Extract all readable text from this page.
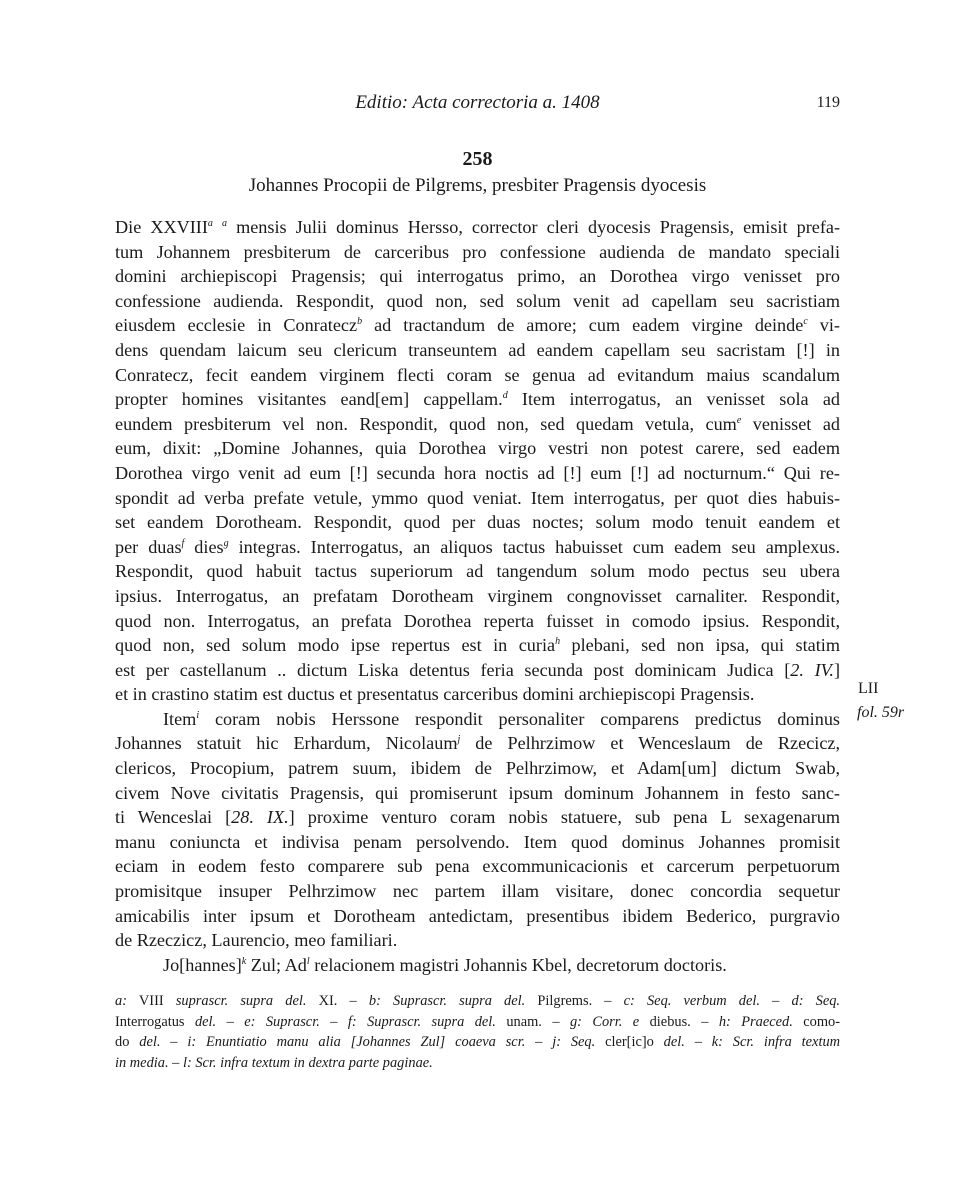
Editio: Acta correctoria a. 1408	119
258
Johannes Procopii de Pilgrems, presbiter Pragensis dyocesis
Die XXVIII$^a$ $^a$ mensis Julii dominus Hersso, corrector cleri dyocesis Pragensis, emisit prefa-
tum Johannem presbiterum de carceribus pro confessione audienda de mandato speciali
domini archiepiscopi Pragensis; qui interrogatus primo, an Dorothea virgo venisset pro
confessione audienda. Respondit, quod non, sed solum venit ad capellam seu sacristiam
eiusdem ecclesie in Conratecz$^b$ ad tractandum de amore; cum eadem virgine deinde$^c$ vi-
dens quendam laicum seu clericum transeuntem ad eandem capellam seu sacristam [!] in
Conratecz, fecit eandem virginem flecti coram se genua ad evitandum maius scandalum
propter homines visitantes eand[em] cappellam.$^d$ Item interrogatus, an venisset sola ad
eundem presbiterum vel non. Respondit, quod non, sed quedam vetula, cum$^e$ venisset ad
eum, dixit: „Domine Johannes, quia Dorothea virgo vestri non potest carere, sed eadem
Dorothea virgo venit ad eum [!] secunda hora noctis ad [!] eum [!] ad nocturnum.“ Qui re-
spondit ad verba prefate vetule, ymmo quod veniat. Item interrogatus, per quot dies habuis-
set eandem Dorotheam. Respondit, quod per duas noctes; solum modo tenuit eandem et
per duas$^f$ dies$^g$ integras. Interrogatus, an aliquos tactus habuisset cum eadem seu amplexus.
Respondit, quod habuit tactus superiorum ad tangendum solum modo pectus seu ubera
ipsius. Interrogatus, an prefatam Dorotheam virginem congnovisset carnaliter. Respondit,
quod non. Interrogatus, an prefata Dorothea reperta fuisset in comodo ipsius. Respondit,
quod non, sed solum modo ipse repertus est in curia$^h$ plebani, sed non ipsa, qui statim
est per castellanum .. dictum Liska detentus feria secunda post dominicam Judica [2. IV.]
et in crastino statim est ductus et presentatus carceribus domini archiepiscopi Pragensis.
Item$^i$ coram nobis Herssone respondit personaliter comparens predictus dominus
Johannes statuit hic Erhardum, Nicolaum$^j$ de Pelhrzimow et Wenceslaum de Rzecicz,
clericos, Procopium, patrem suum, ibidem de Pelhrzimow, et Adam[um] dictum Swab,
civem Nove civitatis Pragensis, qui promiserunt ipsum dominum Johannem in festo sanc-
ti Wenceslai [28. IX.] proxime venturo coram nobis statuere, sub pena L sexagenarum
manu coniuncta et indivisa penam persolvendo. Item quod dominus Johannes promisit
eciam in eodem festo comparere sub pena excommunicacionis et carcerum perpetuorum
promisitque insuper Pelhrzimow nec partem illam visitare, donec concordia sequetur
amicabilis inter ipsum et Dorotheam antedictam, presentibus ibidem Bederico, purgravio
de Rzeczicz, Laurencio, meo familiari.
Jo[hannes]$^k$ Zul; Ad$^l$ relacionem magistri Johannis Kbel, decretorum doctoris.
LII
fol. 59r
a: VIII suprascr. supra del. XI. – b: Suprascr. supra del. Pilgrems. – c: Seq. verbum del. – d: Seq.
Interrogatus del. – e: Suprascr. – f: Suprascr. supra del. unam. – g: Corr. e diebus. – h: Praeced. como-
do del. – i: Enuntiatio manu alia [Johannes Zul] coaeva scr. – j: Seq. cler[ic]o del. – k: Scr. infra textum
in media. – l: Scr. infra textum in dextra parte paginae.
